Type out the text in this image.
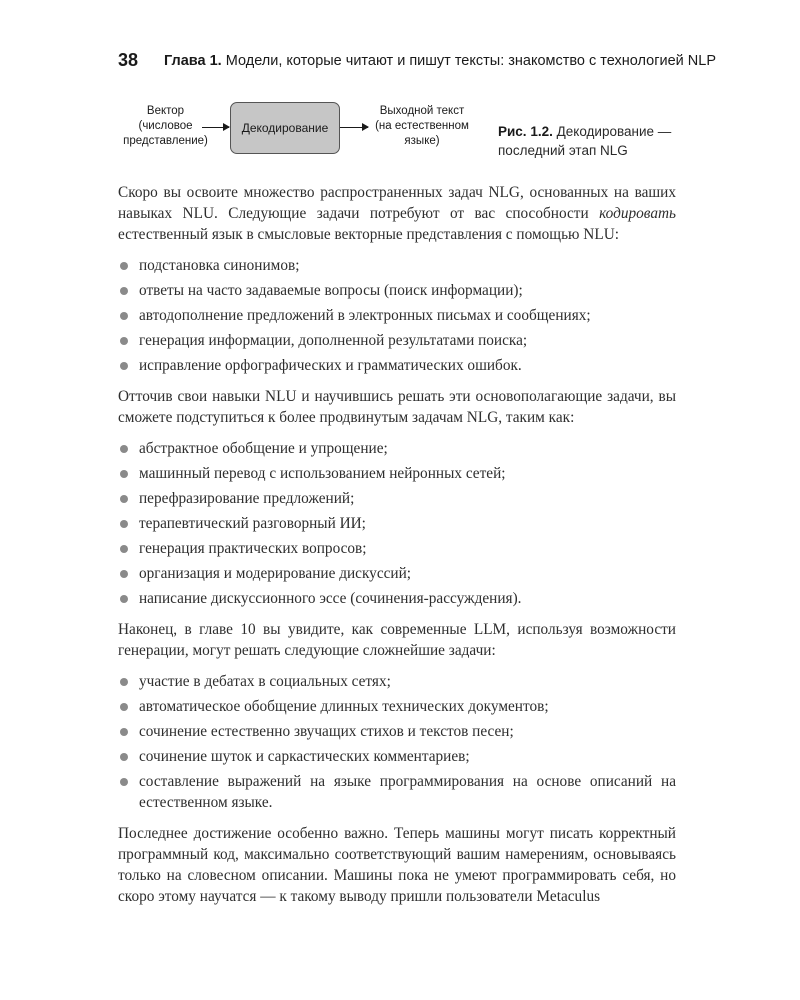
38 Глава 1. Модели, которые читают и пишут тексты: знакомство с технологией NLP
Вектор
(числовое
представление)
Декодирование
Выходной текст
(на естественном
языке)
Рис. 1.2. Декодирование — последний этап NLG

Скоро вы освоите множество распространенных задач NLG, основанных на ваших навыках NLU. Следующие задачи потребуют от вас способности кодировать естественный язык в смысловые векторные представления с помощью NLU:

подстановка синонимов;
ответы на часто задаваемые вопросы (поиск информации);
автодополнение предложений в электронных письмах и сообщениях;
генерация информации, дополненной результатами поиска;
исправление орфографических и грамматических ошибок.

Отточив свои навыки NLU и научившись решать эти основополагающие задачи, вы сможете подступиться к более продвинутым задачам NLG, таким как:

абстрактное обобщение и упрощение;
машинный перевод с использованием нейронных сетей;
перефразирование предложений;
терапевтический разговорный ИИ;
генерация практических вопросов;
организация и модерирование дискуссий;
написание дискуссионного эссе (сочинения-рассуждения).

Наконец, в главе 10 вы увидите, как современные LLM, используя возможности генерации, могут решать следующие сложнейшие задачи:

участие в дебатах в социальных сетях;
автоматическое обобщение длинных технических документов;
сочинение естественно звучащих стихов и текстов песен;
сочинение шуток и саркастических комментариев;
составление выражений на языке программирования на основе описаний на естественном языке.

Последнее достижение особенно важно. Теперь машины могут писать корректный программный код, максимально соответствующий вашим намерениям, основываясь только на словесном описании. Машины пока не умеют программировать себя, но скоро этому научатся — к такому выводу пришли пользователи Metaculus
